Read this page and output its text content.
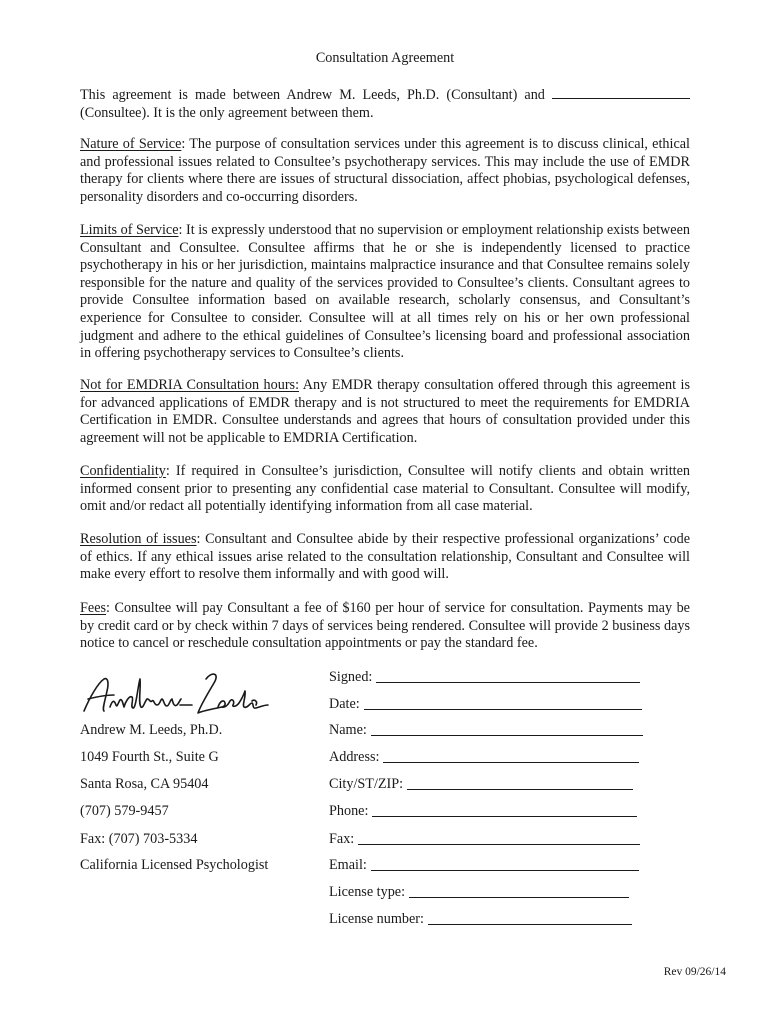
Consultation Agreement
This agreement is made between Andrew M. Leeds, Ph.D. (Consultant) and  (Consultee). It is the only agreement between them.
Nature of Service: The purpose of consultation services under this agreement is to discuss clinical, ethical and professional issues related to Consultee’s psychotherapy services. This may include the use of EMDR therapy for clients where there are issues of structural dissociation, affect phobias, psychological defenses, personality disorders and co-occurring disorders.
Limits of Service: It is expressly understood that no supervision or employment relationship exists between Consultant and Consultee. Consultee affirms that he or she is independently licensed to practice psychotherapy in his or her jurisdiction, maintains malpractice insurance and that Consultee remains solely responsible for the nature and quality of the services provided to Consultee’s clients. Consultant agrees to provide Consultee information based on available research, scholarly consensus, and Consultant’s experience for Consultee to consider. Consultee will at all times rely on his or her own professional judgment and adhere to the ethical guidelines of Consultee’s licensing board and professional association in offering psychotherapy services to Consultee’s clients.
Not for EMDRIA Consultation hours: Any EMDR therapy consultation offered through this agreement is for advanced applications of EMDR therapy and is not structured to meet the requirements for EMDRIA Certification in EMDR. Consultee understands and agrees that hours of consultation provided under this agreement will not be applicable to EMDRIA Certification.
Confidentiality: If required in Consultee’s jurisdiction, Consultee will notify clients and obtain written informed consent prior to presenting any confidential case material to Consultant. Consultee will modify, omit and/or redact all potentially identifying information from all case material.
Resolution of issues: Consultant and Consultee abide by their respective professional organizations’ code of ethics. If any ethical issues arise related to the consultation relationship, Consultant and Consultee will make every effort to resolve them informally and with good will.
Fees: Consultee will pay Consultant a fee of $160 per hour of service for consultation. Payments may be by credit card or by check within 7 days of services being rendered. Consultee will provide 2 business days notice to cancel or reschedule consultation appointments or pay the standard fee.
Andrew M. Leeds, Ph.D.
1049 Fourth St., Suite G
Santa Rosa, CA 95404
(707) 579-9457
Fax: (707) 703-5334
California Licensed Psychologist
Signed:
Date:
Name:
Address:
City/ST/ZIP:
Phone:
Fax:
Email:
License type:
License number:
Rev 09/26/14
